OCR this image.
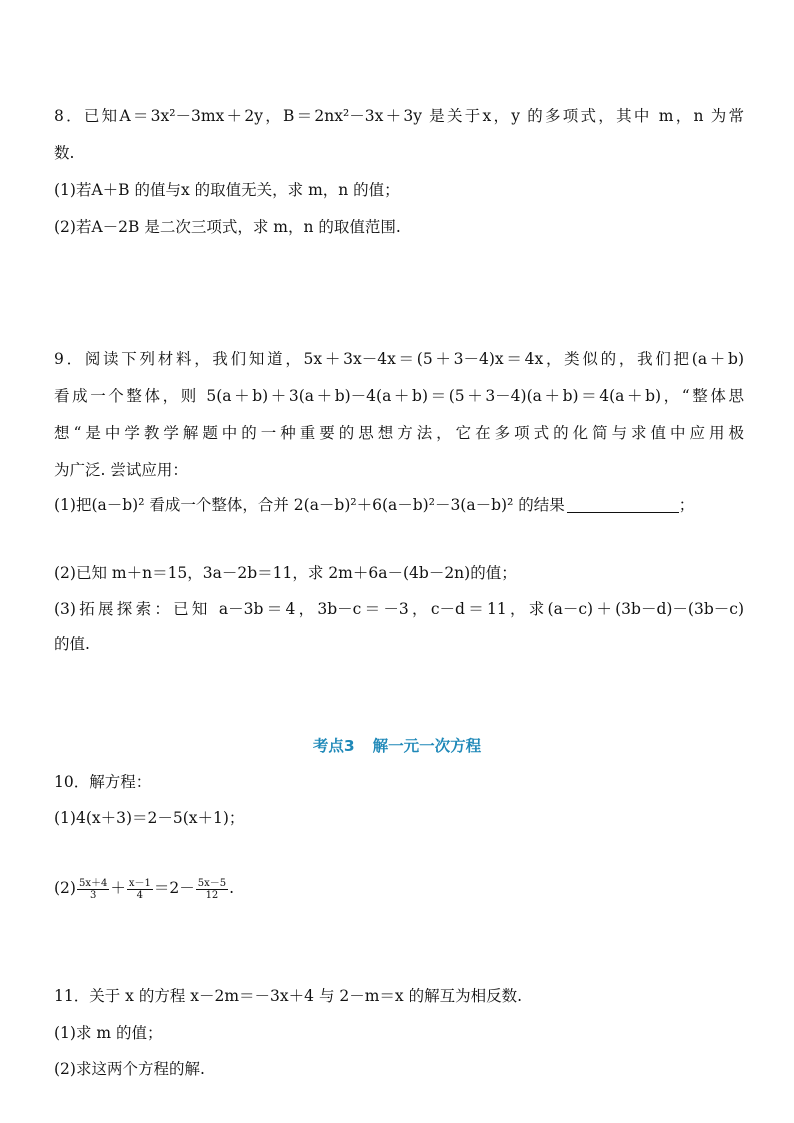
8．已知A＝3x²－3mx＋2y，B＝2nx²－3x＋3y 是关于x，y 的多项式，其中 m，n 为常
数.
(1)若A＋B 的值与x 的取值无关，求 m，n 的值；
(2)若A－2B 是二次三项式，求 m，n 的取值范围.
9．阅读下列材料，我们知道，5x＋3x－4x＝(5＋3－4)x＝4x，类似的，我们把(a＋b)
看成一个整体，则 5(a＋b)＋3(a＋b)－4(a＋b)＝(5＋3－4)(a＋b)＝4(a＋b)，“整体思
想“是中学教学解题中的一种重要的思想方法，它在多项式的化简与求值中应用极
为广泛. 尝试应用：
(1)把(a－b)² 看成一个整体，合并 2(a－b)²＋6(a－b)²－3(a－b)² 的结果	；
(2)已知 m＋n＝15，3a－2b＝11，求 2m＋6a－(4b－2n)的值；
(3)拓展探索：已知 a－3b＝4，3b－c＝－3，c－d＝11，求(a－c)＋(3b－d)－(3b－c)
的值.
考点3 解一元一次方程
10．解方程：
(1)4(x＋3)＝2－5(x＋1)；
$(2) \frac{5x+4}{3} + \frac{x-1}{4} =2- \frac{5x-5}{12}$ .
11．关于 x 的方程 x－2m＝－3x＋4 与 2－m＝x 的解互为相反数.
(1)求 m 的值；
(2)求这两个方程的解.
